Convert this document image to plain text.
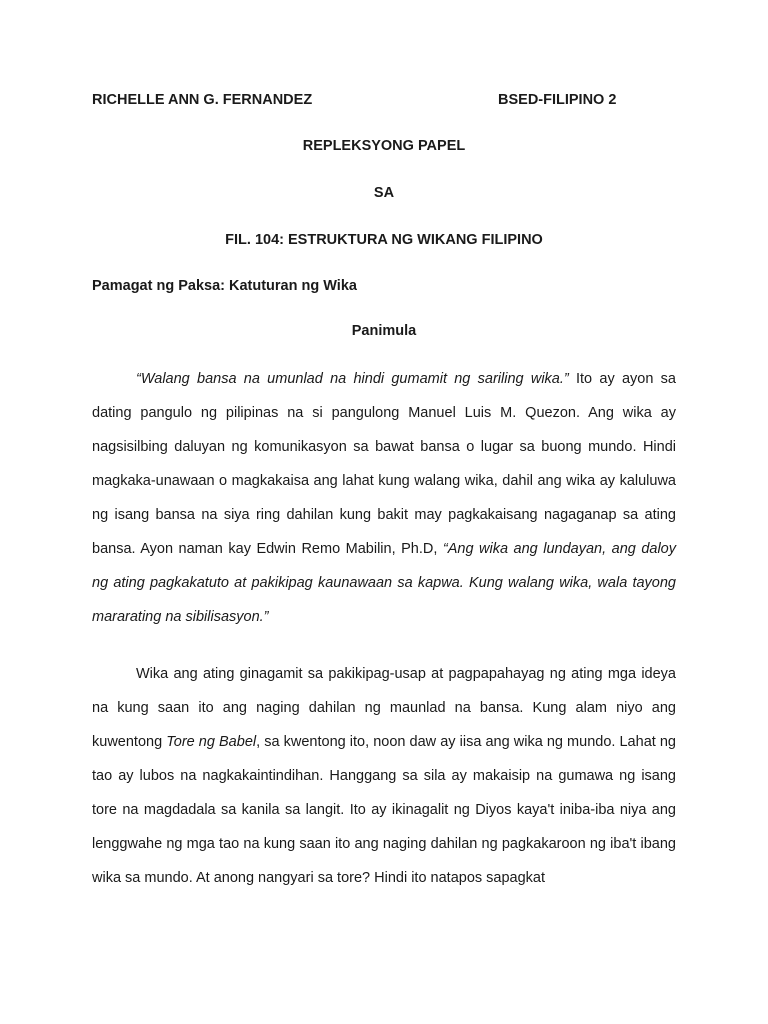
RICHELLE ANN G. FERNANDEZ	BSED-FILIPINO 2
REPLEKSYONG PAPEL
SA
FIL. 104: ESTRUKTURA NG WIKANG FILIPINO
Pamagat ng Paksa: Katuturan ng Wika
Panimula

“Walang bansa na umunlad na hindi gumamit ng sariling wika.” Ito ay ayon sa dating pangulo ng pilipinas na si pangulong Manuel Luis M. Quezon. Ang wika ay nagsisilbing daluyan ng komunikasyon sa bawat bansa o lugar sa buong mundo. Hindi magkaka-unawaan o magkakaisa ang lahat kung walang wika, dahil ang wika ay kaluluwa ng isang bansa na siya ring dahilan kung bakit may pagkakaisang nagaganap sa ating bansa. Ayon naman kay Edwin Remo Mabilin, Ph.D, “Ang wika ang lundayan, ang daloy ng ating pagkakatuto at pakikipag kaunawaan sa kapwa. Kung walang wika, wala tayong mararating na sibilisasyon.”

Wika ang ating ginagamit sa pakikipag-usap at pagpapahayag ng ating mga ideya na kung saan ito ang naging dahilan ng maunlad na bansa. Kung alam niyo ang kuwentong Tore ng Babel, sa kwentong ito, noon daw ay iisa ang wika ng mundo. Lahat ng tao ay lubos na nagkakaintindihan. Hanggang sa sila ay makaisip na gumawa ng isang tore na magdadala sa kanila sa langit. Ito ay ikinagalit ng Diyos kaya't iniba-iba niya ang lenggwahe ng mga tao na kung saan ito ang naging dahilan ng pagkakaroon ng iba't ibang wika sa mundo. At anong nangyari sa tore? Hindi ito natapos sapagkat
